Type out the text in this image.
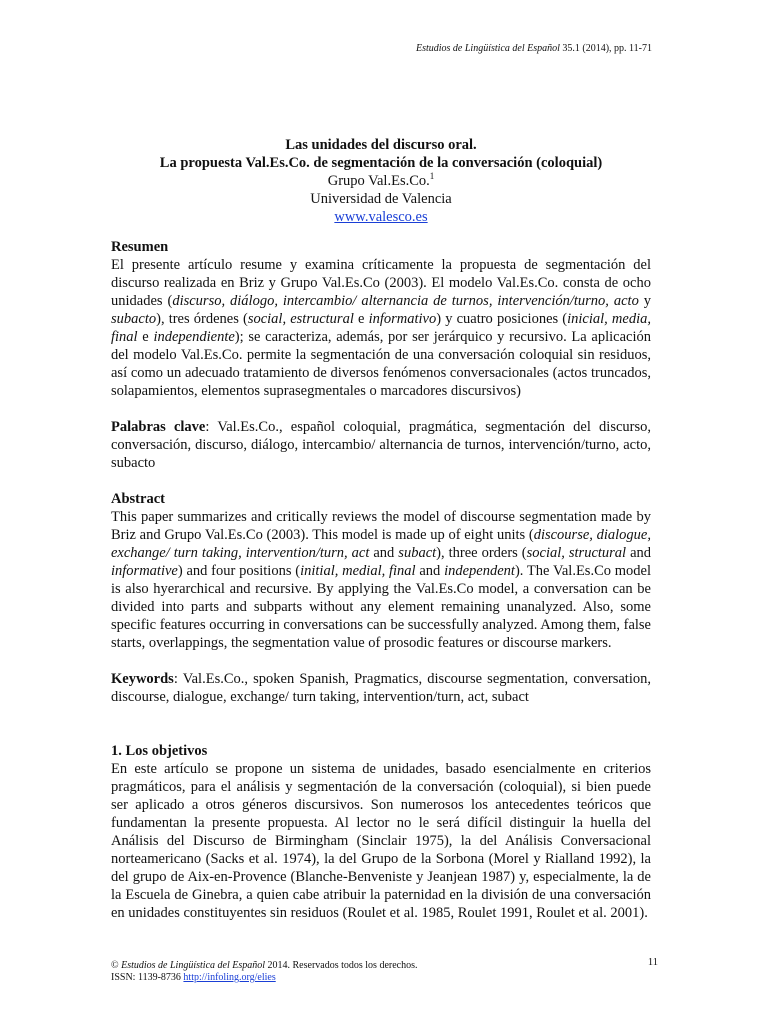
Estudios de Lingüística del Español 35.1 (2014), pp. 11-71
Las unidades del discurso oral.
La propuesta Val.Es.Co. de segmentación de la conversación (coloquial)
Grupo Val.Es.Co.$^1$
Universidad de Valencia
www.valesco.es
Resumen

El presente artículo resume y examina críticamente la propuesta de segmentación del discurso realizada en Briz y Grupo Val.Es.Co (2003). El modelo Val.Es.Co. consta de ocho unidades (discurso, diálogo, intercambio/ alternancia de turnos, intervención/turno, acto y subacto), tres órdenes (social, estructural e informativo) y cuatro posiciones (inicial, media, final e independiente); se caracteriza, además, por ser jerárquico y recursivo. La aplicación del modelo Val.Es.Co. permite la segmentación de una conversación coloquial sin residuos, así como un adecuado tratamiento de diversos fenómenos conversacionales (actos truncados, solapamientos, elementos suprasegmentales o marcadores discursivos)

Palabras clave: Val.Es.Co., español coloquial, pragmática, segmentación del discurso, conversación, discurso, diálogo, intercambio/ alternancia de turnos, intervención/turno, acto, subacto

Abstract

This paper summarizes and critically reviews the model of discourse segmentation made by Briz and Grupo Val.Es.Co (2003). This model is made up of eight units (discourse, dialogue, exchange/ turn taking, intervention/turn, act and subact), three orders (social, structural and informative) and four positions (initial, medial, final and independent). The Val.Es.Co model is also hyerarchical and recursive. By applying the Val.Es.Co model, a conversation can be divided into parts and subparts without any element remaining unanalyzed. Also, some specific features occurring in conversations can be successfully analyzed. Among them, false starts, overlappings, the segmentation value of prosodic features or discourse markers.

Keywords: Val.Es.Co., spoken Spanish, Pragmatics, discourse segmentation, conversation, discourse, dialogue, exchange/ turn taking, intervention/turn, act, subact

1. Los objetivos

En este artículo se propone un sistema de unidades, basado esencialmente en criterios pragmáticos, para el análisis y segmentación de la conversación (coloquial), si bien puede ser aplicado a otros géneros discursivos. Son numerosos los antecedentes teóricos que fundamentan la presente propuesta. Al lector no le será difícil distinguir la huella del Análisis del Discurso de Birmingham (Sinclair 1975), la del Análisis Conversacional norteamericano (Sacks et al. 1974), la del Grupo de la Sorbona (Morel y Rialland 1992), la del grupo de Aix-en-Provence (Blanche-Benveniste y Jeanjean 1987) y, especialmente, la de la Escuela de Ginebra, a quien cabe atribuir la paternidad en la división de una conversación en unidades constituyentes sin residuos (Roulet et al. 1985, Roulet 1991, Roulet et al. 2001).

© Estudios de Lingüística del Español 2014. Reservados todos los derechos.
ISSN: 1139-8736 http://infoling.org/elies
11
